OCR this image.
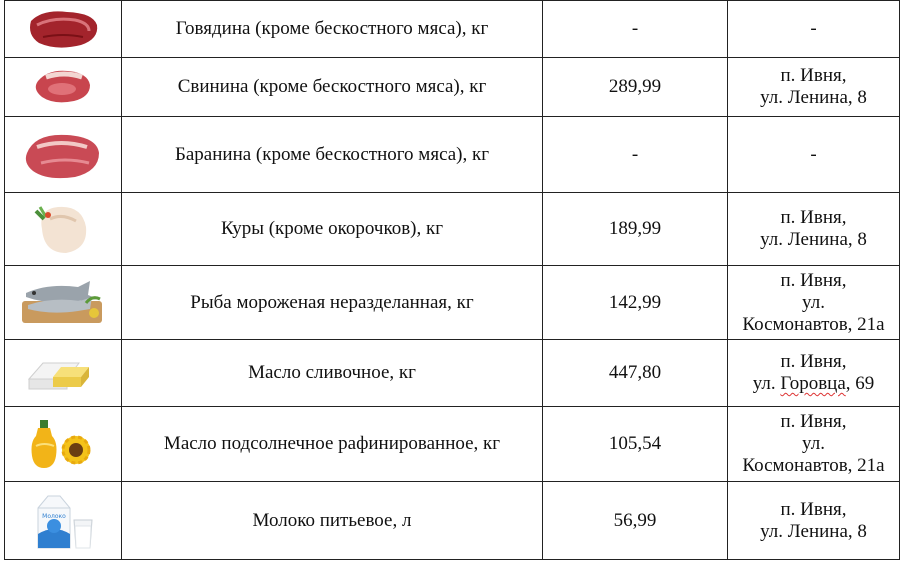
	Говядина (кроме бескостного мяса), кг	-	-

	Свинина (кроме бескостного мяса), кг	289,99	п. Ивня,
ул. Ленина, 8

	Баранина (кроме бескостного мяса), кг	-	-

	Куры (кроме окорочков), кг	189,99	п. Ивня,
ул. Ленина, 8

	Рыба мороженая неразделанная, кг	142,99	п. Ивня,
ул.
Космонавтов, 21а

	Масло сливочное, кг	447,80	п. Ивня,
ул. Горовца, 69

	Масло подсолнечное рафинированное, кг	105,54	п. Ивня,
ул.
Космонавтов, 21а

Молоко	Молоко питьевое, л	56,99	п. Ивня,
ул. Ленина, 8
